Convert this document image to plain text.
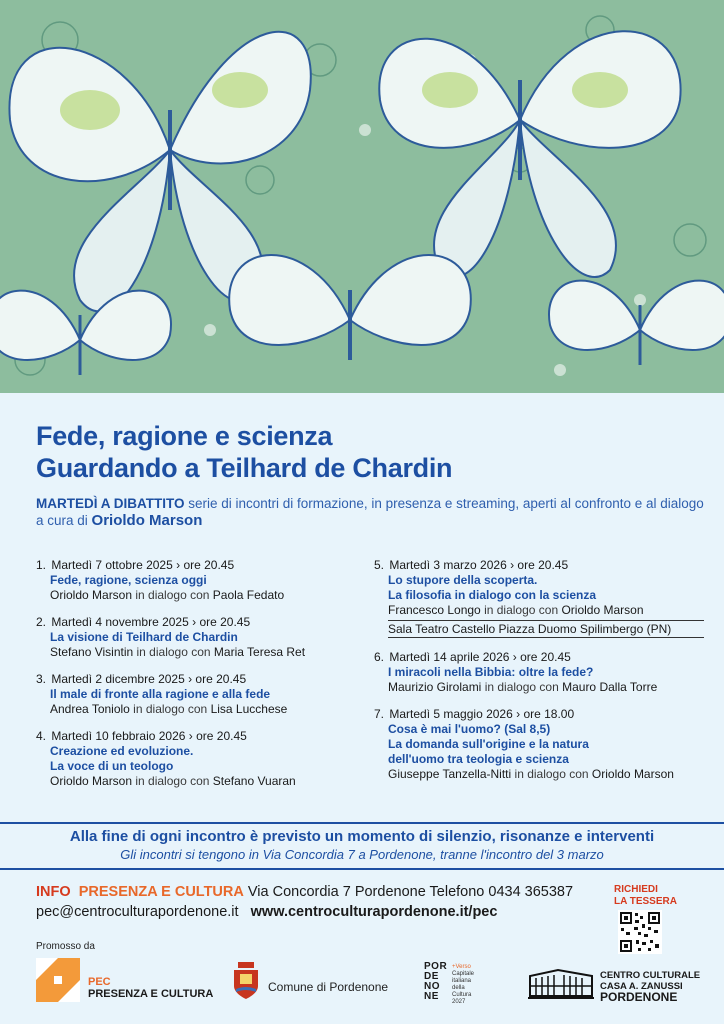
Fede, ragione e scienza
Guardando a Teilhard de Chardin
MARTEDÌ A DIBATTITO serie di incontri di formazione, in presenza e streaming, aperti al confronto e al dialogo
a cura di Orioldo Marson
1. Martedì 7 ottobre 2025 › ore 20.45
Fede, ragione, scienza oggi
Orioldo Marson in dialogo con Paola Fedato
2. Martedì 4 novembre 2025 › ore 20.45
La visione di Teilhard de Chardin
Stefano Visintin in dialogo con Maria Teresa Ret
3. Martedì 2 dicembre 2025 › ore 20.45
Il male di fronte alla ragione e alla fede
Andrea Toniolo in dialogo con Lisa Lucchese
4. Martedì 10 febbraio 2026 › ore 20.45
Creazione ed evoluzione.
La voce di un teologo
Orioldo Marson in dialogo con Stefano Vuaran
5. Martedì 3 marzo 2026 › ore 20.45
Lo stupore della scoperta.
La filosofia in dialogo con la scienza
Francesco Longo in dialogo con Orioldo Marson
Sala Teatro Castello Piazza Duomo Spilimbergo (PN)
6. Martedì 14 aprile 2026 › ore 20.45
I miracoli nella Bibbia: oltre la fede?
Maurizio Girolami in dialogo con Mauro Dalla Torre
7. Martedì 5 maggio 2026 › ore 18.00
Cosa è mai l'uomo? (Sal 8,5)
La domanda sull'origine e la natura
dell'uomo tra teologia e scienza
Giuseppe Tanzella-Nitti in dialogo con Orioldo Marson
Alla fine di ogni incontro è previsto un momento di silenzio, risonanze e interventi
Gli incontri si tengono in Via Concordia 7 a Pordenone, tranne l'incontro del 3 marzo
INFO PRESENZA E CULTURA Via Concordia 7 Pordenone Telefono 0434 365387
pec@centroculturapordenone.it www.centroculturapordenone.it/pec
RICHIEDI
LA TESSERA
Promosso da
PEC
PRESENZA E CULTURA	Comune di Pordenone
POR
DE
NO
NE
+Verso
Capitale
italiana
della
Cultura
2027
CENTRO CULTURALE
CASA A. ZANUSSI
PORDENONE
